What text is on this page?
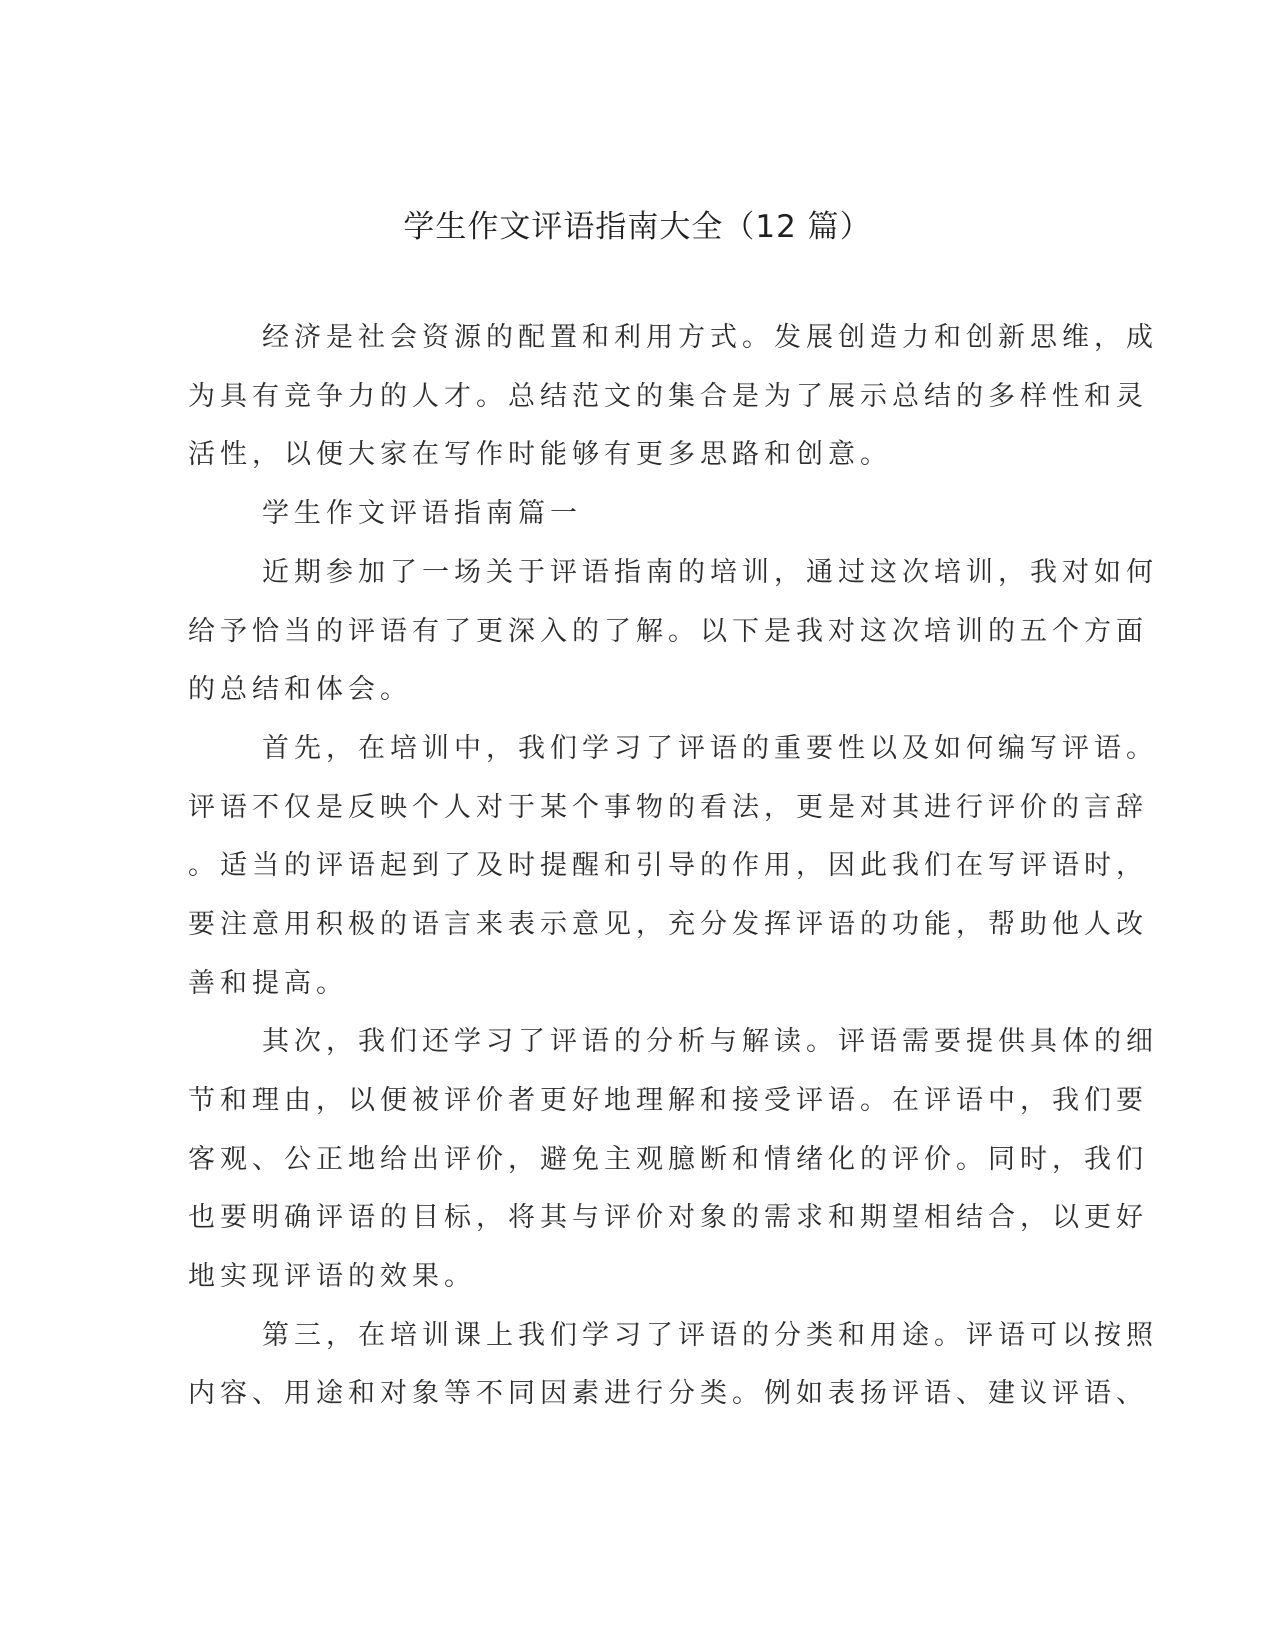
学生作文评语指南大全（12 篇）
经济是社会资源的配置和利用方式。发展创造力和创新思维，成
为具有竞争力的人才。总结范文的集合是为了展示总结的多样性和灵
活性，以便大家在写作时能够有更多思路和创意。
学生作文评语指南篇一
近期参加了一场关于评语指南的培训，通过这次培训，我对如何
给予恰当的评语有了更深入的了解。以下是我对这次培训的五个方面
的总结和体会。
首先，在培训中，我们学习了评语的重要性以及如何编写评语。
评语不仅是反映个人对于某个事物的看法，更是对其进行评价的言辞
。适当的评语起到了及时提醒和引导的作用，因此我们在写评语时，
要注意用积极的语言来表示意见，充分发挥评语的功能，帮助他人改
善和提高。
其次，我们还学习了评语的分析与解读。评语需要提供具体的细
节和理由，以便被评价者更好地理解和接受评语。在评语中，我们要
客观、公正地给出评价，避免主观臆断和情绪化的评价。同时，我们
也要明确评语的目标，将其与评价对象的需求和期望相结合，以更好
地实现评语的效果。
第三，在培训课上我们学习了评语的分类和用途。评语可以按照
内容、用途和对象等不同因素进行分类。例如表扬评语、建议评语、
